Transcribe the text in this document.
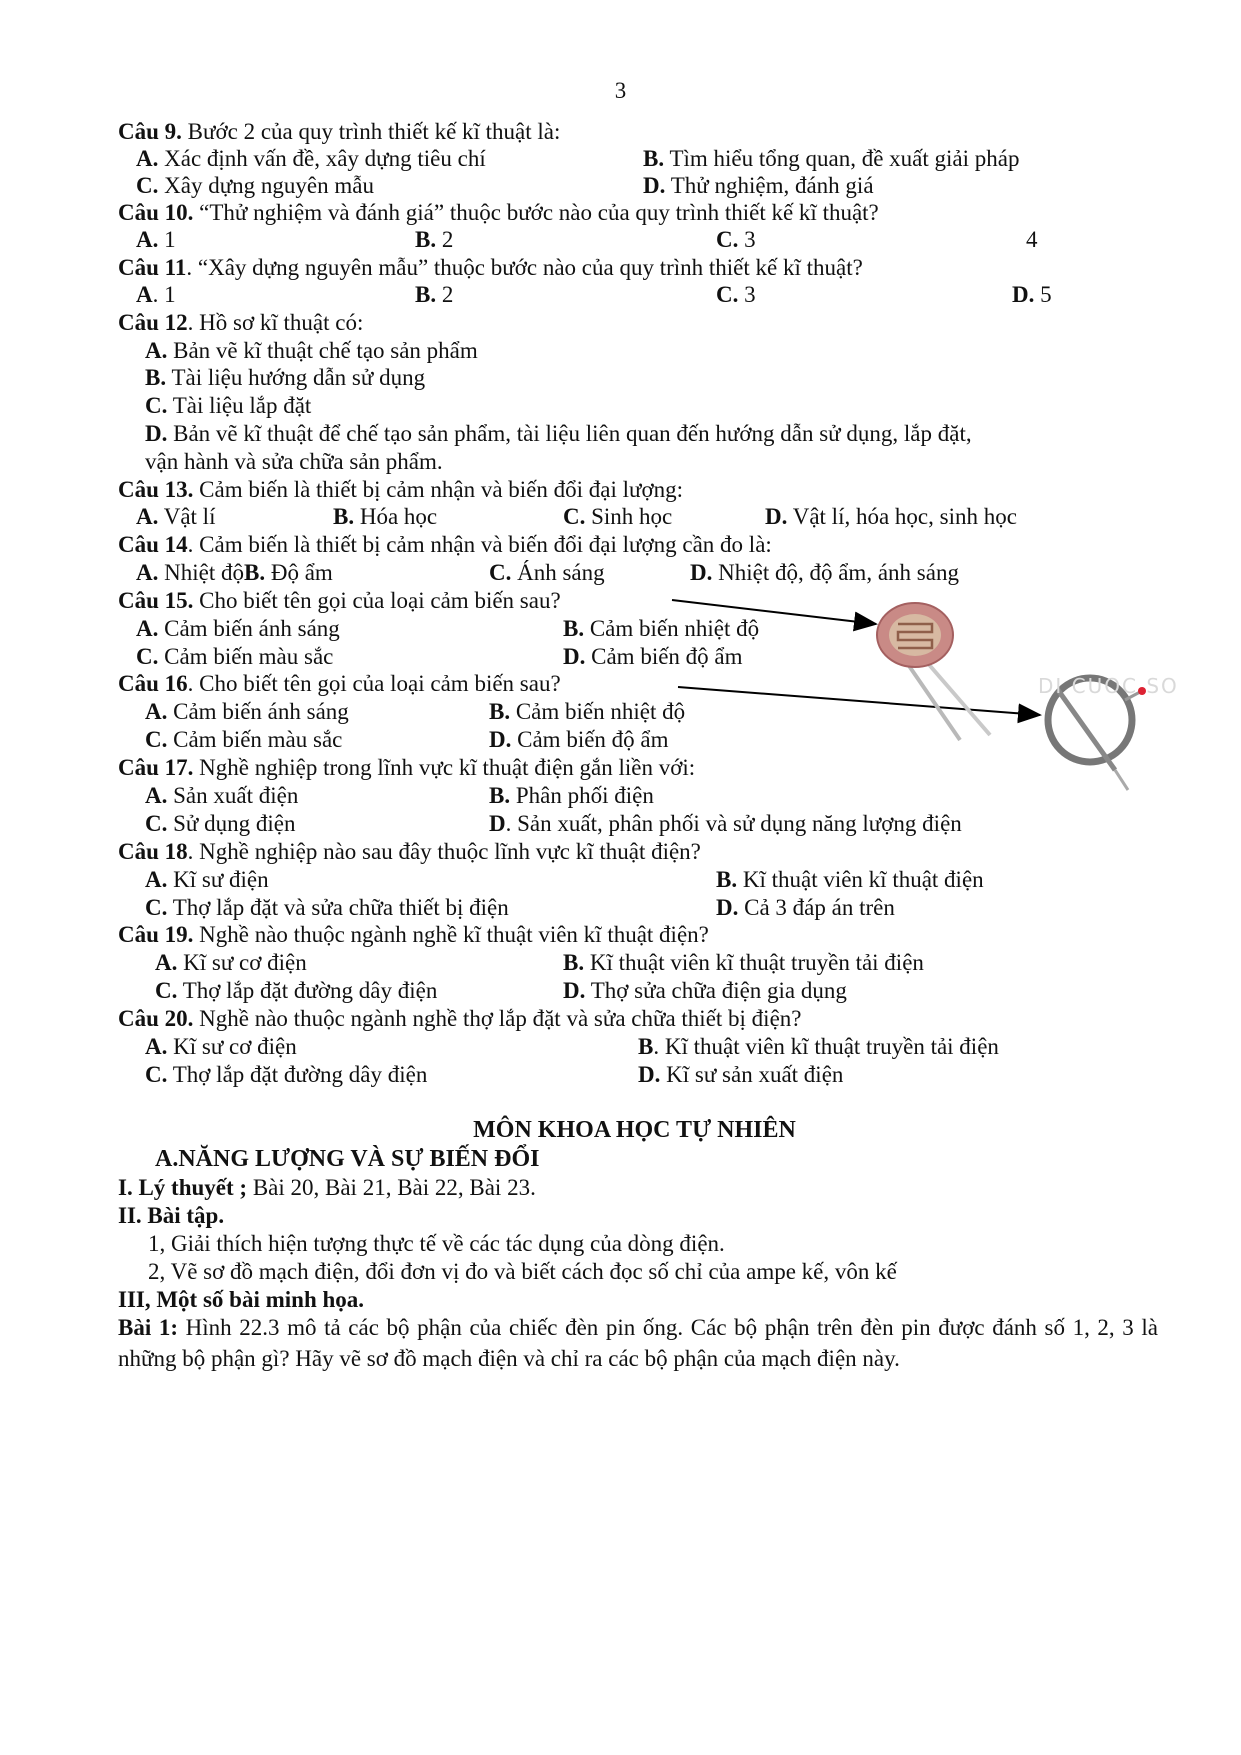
3
Câu 9. Bước 2 của quy trình thiết kế kĩ thuật là:
A. Xác định vấn đề, xây dựng tiêu chí	B. Tìm hiểu tổng quan, đề xuất giải pháp
C. Xây dựng nguyên mẫu	D. Thử nghiệm, đánh giá
Câu 10. “Thử nghiệm và đánh giá” thuộc bước nào của quy trình thiết kế kĩ thuật?
A. 1	B. 2	C. 3	4
Câu 11. “Xây dựng nguyên mẫu” thuộc bước nào của quy trình thiết kế kĩ thuật?
A. 1	B. 2	C. 3	D. 5
Câu 12. Hồ sơ kĩ thuật có:
A. Bản vẽ kĩ thuật chế tạo sản phẩm
B. Tài liệu hướng dẫn sử dụng
C. Tài liệu lắp đặt
D. Bản vẽ kĩ thuật để chế tạo sản phẩm, tài liệu liên quan đến hướng dẫn sử dụng, lắp đặt,
vận hành và sửa chữa sản phẩm.
Câu 13. Cảm biến là thiết bị cảm nhận và biến đổi đại lượng:
A. Vật lí	B. Hóa học	C. Sinh học	D. Vật lí, hóa học, sinh học
Câu 14. Cảm biến là thiết bị cảm nhận và biến đổi đại lượng cần đo là:
A. Nhiệt độB. Độ ẩm	C. Ánh sáng	D. Nhiệt độ, độ ẩm, ánh sáng
Câu 15. Cho biết tên gọi của loại cảm biến sau?
A. Cảm biến ánh sáng	B. Cảm biến nhiệt độ
C. Cảm biến màu sắc	D. Cảm biến độ ẩm
Câu 16. Cho biết tên gọi của loại cảm biến sau?
A. Cảm biến ánh sáng	B. Cảm biến nhiệt độ
C. Cảm biến màu sắc	D. Cảm biến độ ẩm
DI CUOC SO
Câu 17. Nghề nghiệp trong lĩnh vực kĩ thuật điện gắn liền với:
A. Sản xuất điện	B. Phân phối điện
C. Sử dụng điện	D. Sản xuất, phân phối và sử dụng năng lượng điện
Câu 18. Nghề nghiệp nào sau đây thuộc lĩnh vực kĩ thuật điện?
A. Kĩ sư điện	B. Kĩ thuật viên kĩ thuật điện
C. Thợ lắp đặt và sửa chữa thiết bị điện	D. Cả 3 đáp án trên
Câu 19. Nghề nào thuộc ngành nghề kĩ thuật viên kĩ thuật điện?
A. Kĩ sư cơ điện	B. Kĩ thuật viên kĩ thuật truyền tải điện
C. Thợ lắp đặt đường dây điện	D. Thợ sửa chữa điện gia dụng
Câu 20. Nghề nào thuộc ngành nghề thợ lắp đặt và sửa chữa thiết bị điện?
A. Kĩ sư cơ điện	B. Kĩ thuật viên kĩ thuật truyền tải điện
C. Thợ lắp đặt đường dây điện	D. Kĩ sư sản xuất điện
MÔN KHOA HỌC TỰ NHIÊN
A.NĂNG LƯỢNG VÀ SỰ BIẾN ĐỔI
I. Lý thuyết ; Bài 20, Bài 21, Bài 22, Bài 23.
II. Bài tập.
1, Giải thích hiện tượng thực tế về các tác dụng của dòng điện.
2, Vẽ sơ đồ mạch điện, đổi đơn vị đo và biết cách đọc số chỉ của ampe kế, vôn kế
III, Một số bài minh họa.
Bài 1: Hình 22.3 mô tả các bộ phận của chiếc đèn pin ống. Các bộ phận trên đèn pin được đánh số 1, 2, 3 là những bộ phận gì? Hãy vẽ sơ đồ mạch điện và chỉ ra các bộ phận của mạch điện này.
